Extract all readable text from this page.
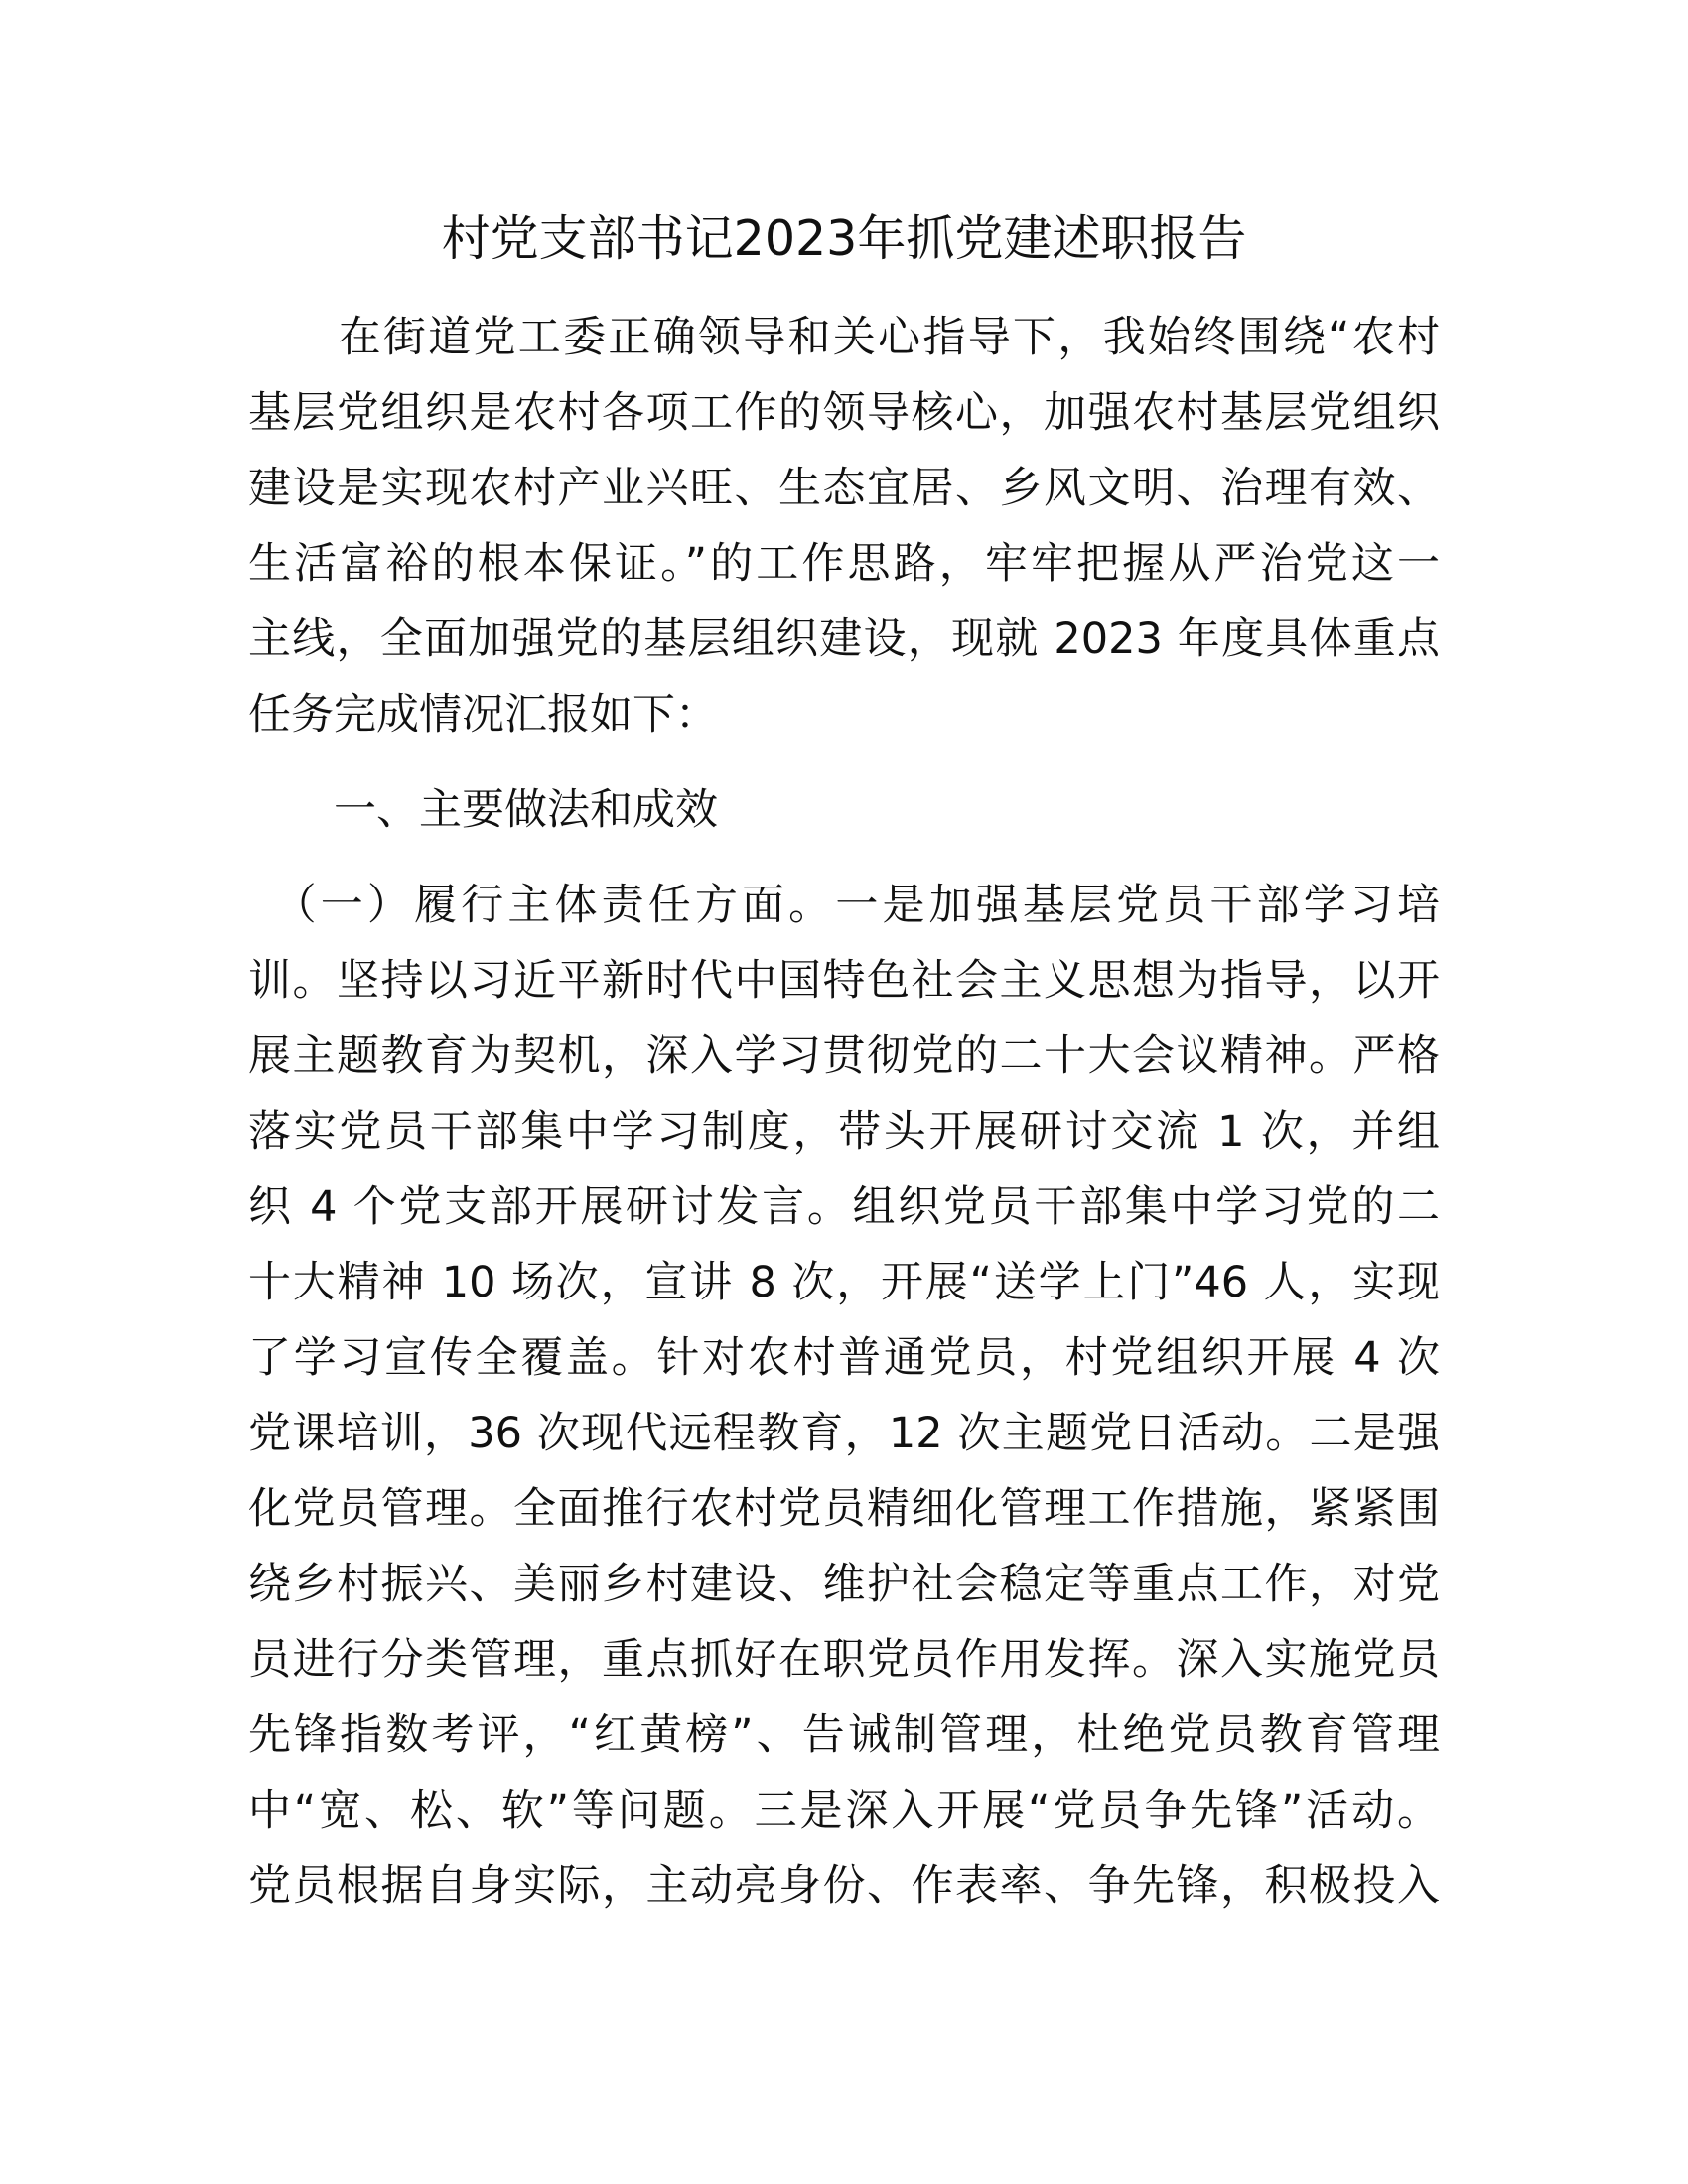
村党支部书记2023年抓党建述职报告
　　在街道党工委正确领导和关心指导下，我始终围绕“农村
基层党组织是农村各项工作的领导核心，加强农村基层党组织
建设是实现农村产业兴旺、生态宜居、乡风文明、治理有效、
生活富裕的根本保证。”的工作思路，牢牢把握从严治党这一
主线，全面加强党的基层组织建设，现就 2023 年度具体重点
任务完成情况汇报如下：
　　一、主要做法和成效
　（一）履行主体责任方面。一是加强基层党员干部学习培
训。坚持以习近平新时代中国特色社会主义思想为指导，以开
展主题教育为契机，深入学习贯彻党的二十大会议精神。严格
落实党员干部集中学习制度，带头开展研讨交流 1 次，并组
织 4 个党支部开展研讨发言。组织党员干部集中学习党的二
十大精神 10 场次，宣讲 8 次，开展“送学上门”46 人，实现
了学习宣传全覆盖。针对农村普通党员，村党组织开展 4 次
党课培训，36 次现代远程教育，12 次主题党日活动。二是强
化党员管理。全面推行农村党员精细化管理工作措施，紧紧围
绕乡村振兴、美丽乡村建设、维护社会稳定等重点工作，对党
员进行分类管理，重点抓好在职党员作用发挥。深入实施党员
先锋指数考评，“红黄榜”、告诫制管理，杜绝党员教育管理
中“宽、松、软”等问题。三是深入开展“党员争先锋”活动。
党员根据自身实际，主动亮身份、作表率、争先锋，积极投入
